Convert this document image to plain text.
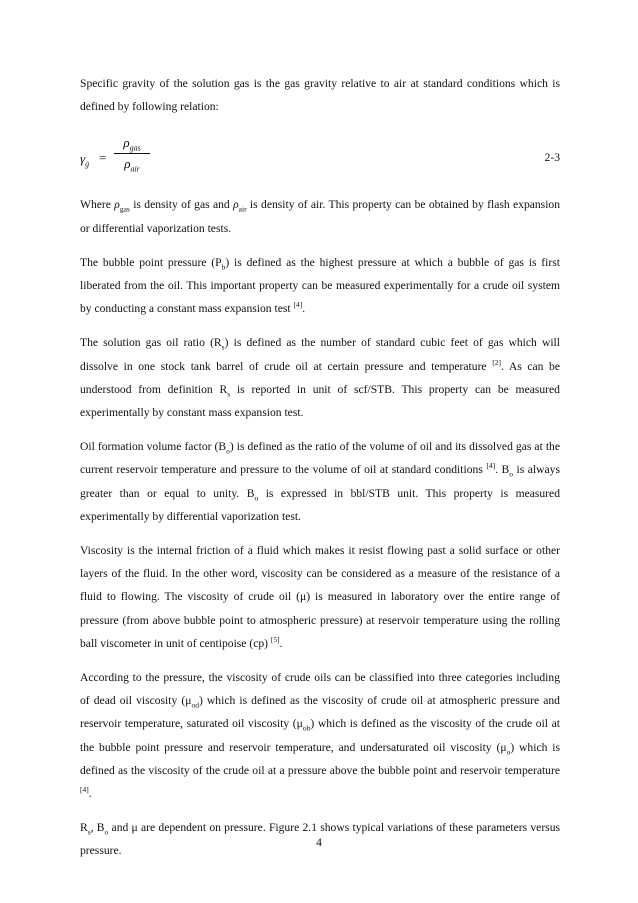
Specific gravity of the solution gas is the gas gravity relative to air at standard conditions which is defined by following relation:

$\gamma_g$ =
$\rho_{gas}$
$\rho_{air}$
2-3

Where $\rho_{gas}$ is density of gas and $\rho_{air}$ is density of air. This property can be obtained by flash expansion or differential vaporization tests.

The bubble point pressure $(P_b)$ is defined as the highest pressure at which a bubble of gas is first liberated from the oil. This important property can be measured experimentally for a crude oil system by conducting a constant mass expansion test [4].

The solution gas oil ratio $(R_s)$ is defined as the number of standard cubic feet of gas which will dissolve in one stock tank barrel of crude oil at certain pressure and temperature [2]. As can be understood from definition $R_s$ is reported in unit of scf/STB. This property can be measured experimentally by constant mass expansion test.

Oil formation volume factor $(B_o)$ is defined as the ratio of the volume of oil and its dissolved gas at the current reservoir temperature and pressure to the volume of oil at standard conditions [4]. $B_o$ is always greater than or equal to unity. $B_o$ is expressed in bbl/STB unit. This property is measured experimentally by differential vaporization test.

Viscosity is the internal friction of a fluid which makes it resist flowing past a solid surface or other layers of the fluid. In the other word, viscosity can be considered as a measure of the resistance of a fluid to flowing. The viscosity of crude oil (μ) is measured in laboratory over the entire range of pressure (from above bubble point to atmospheric pressure) at reservoir temperature using the rolling ball viscometer in unit of centipoise (cp) [5].

According to the pressure, the viscosity of crude oils can be classified into three categories including of dead oil viscosity $(\mu_{od})$ which is defined as the viscosity of crude oil at atmospheric pressure and reservoir temperature, saturated oil viscosity $(\mu_{ob})$ which is defined as the viscosity of the crude oil at the bubble point pressure and reservoir temperature, and undersaturated oil viscosity $(\mu_o)$ which is defined as the viscosity of the crude oil at a pressure above the bubble point and reservoir temperature [4].

$R_s$, $B_o$ and μ are dependent on pressure. Figure 2.1 shows typical variations of these parameters versus pressure.

4
